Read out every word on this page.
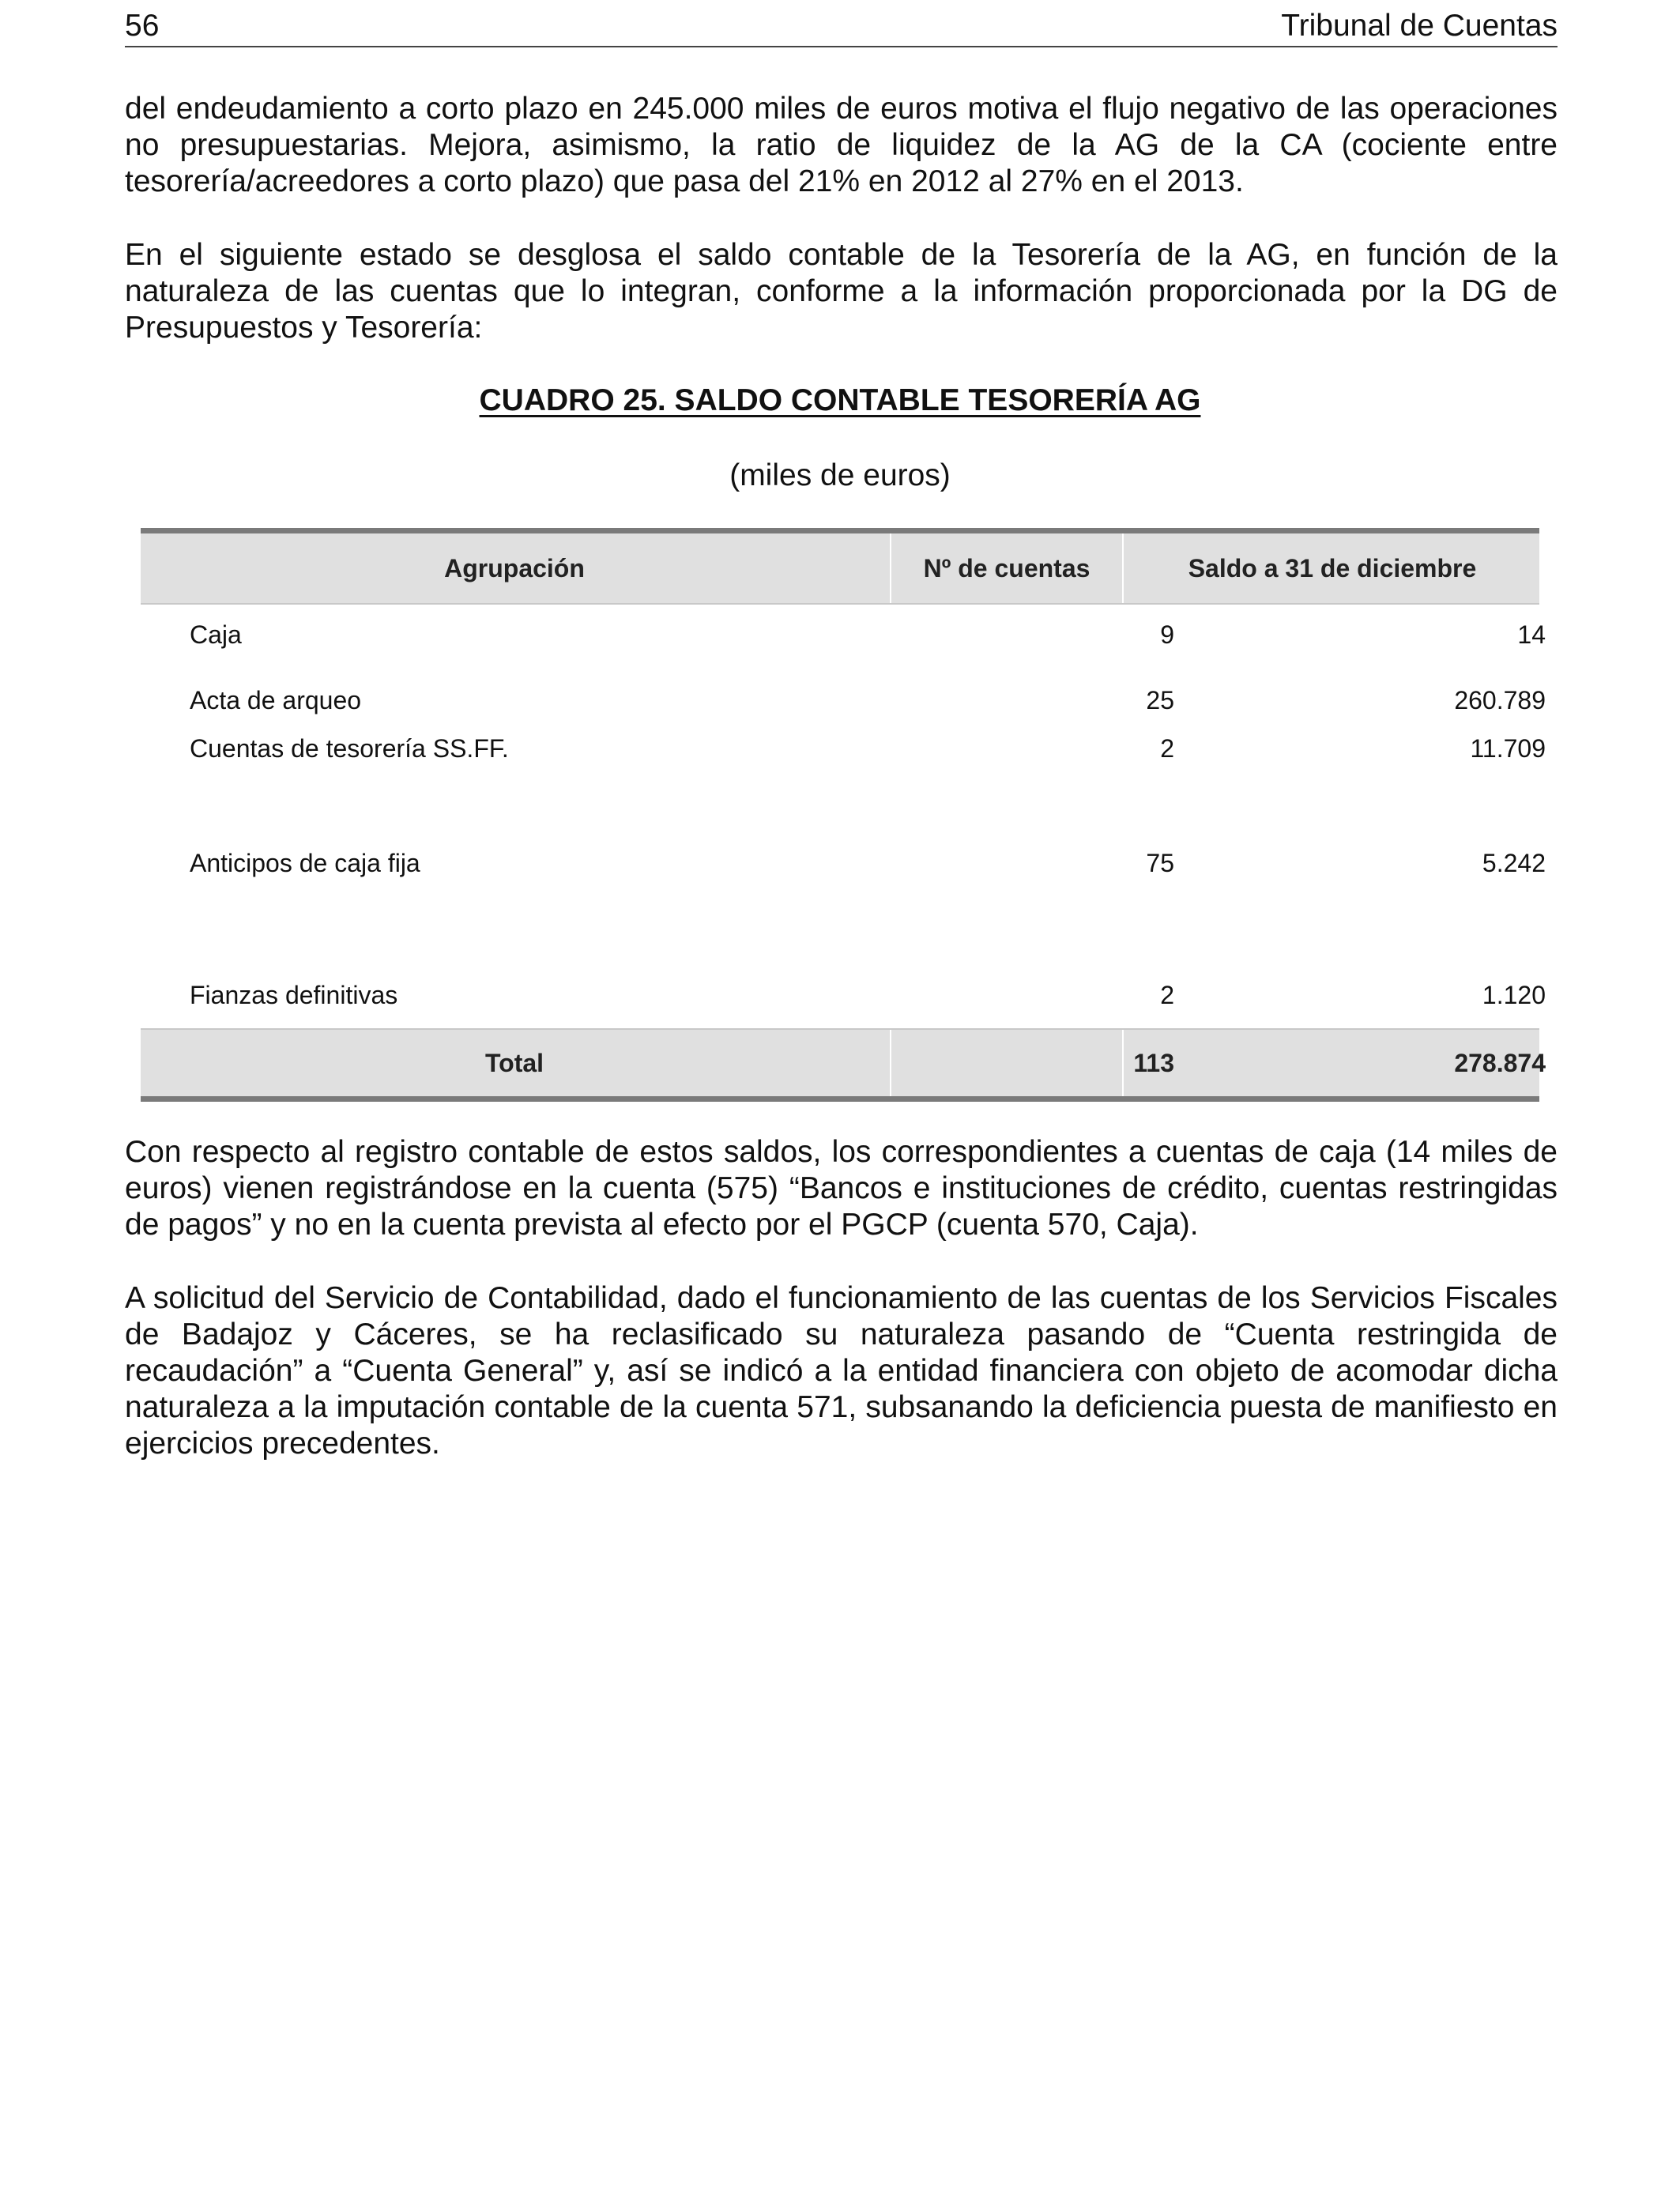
56	Tribunal de Cuentas

del endeudamiento a corto plazo en 245.000 miles de euros motiva el flujo negativo de las operaciones no presupuestarias. Mejora, asimismo, la ratio de liquidez de la AG de la CA (cociente entre tesorería/acreedores a corto plazo) que pasa del 21% en 2012 al 27% en el 2013.

En el siguiente estado se desglosa el saldo contable de la Tesorería de la AG, en función de la naturaleza de las cuentas que lo integran, conforme a la información proporcionada por la DG de Presupuestos y Tesorería:

CUADRO 25. SALDO CONTABLE TESORERÍA AG

(miles de euros)

Agrupación	Nº de cuentas	Saldo a 31 de diciembre
Caja	9	14
Acta de arqueo	25	260.789
Cuentas de tesorería SS.FF.	2	11.709
Anticipos de caja fija	75	5.242
Fianzas definitivas	2	1.120
Total	113	278.874

Con respecto al registro contable de estos saldos, los correspondientes a cuentas de caja (14 miles de euros) vienen registrándose en la cuenta (575) “Bancos e instituciones de crédito, cuentas restringidas de pagos” y no en la cuenta prevista al efecto por el PGCP (cuenta 570, Caja).

A solicitud del Servicio de Contabilidad, dado el funcionamiento de las cuentas de los Servicios Fiscales de Badajoz y Cáceres, se ha reclasificado su naturaleza pasando de “Cuenta restringida de recaudación” a “Cuenta General” y, así se indicó a la entidad financiera con objeto de acomodar dicha naturaleza a la imputación contable de la cuenta 571, subsanando la deficiencia puesta de manifiesto en ejercicios precedentes.
